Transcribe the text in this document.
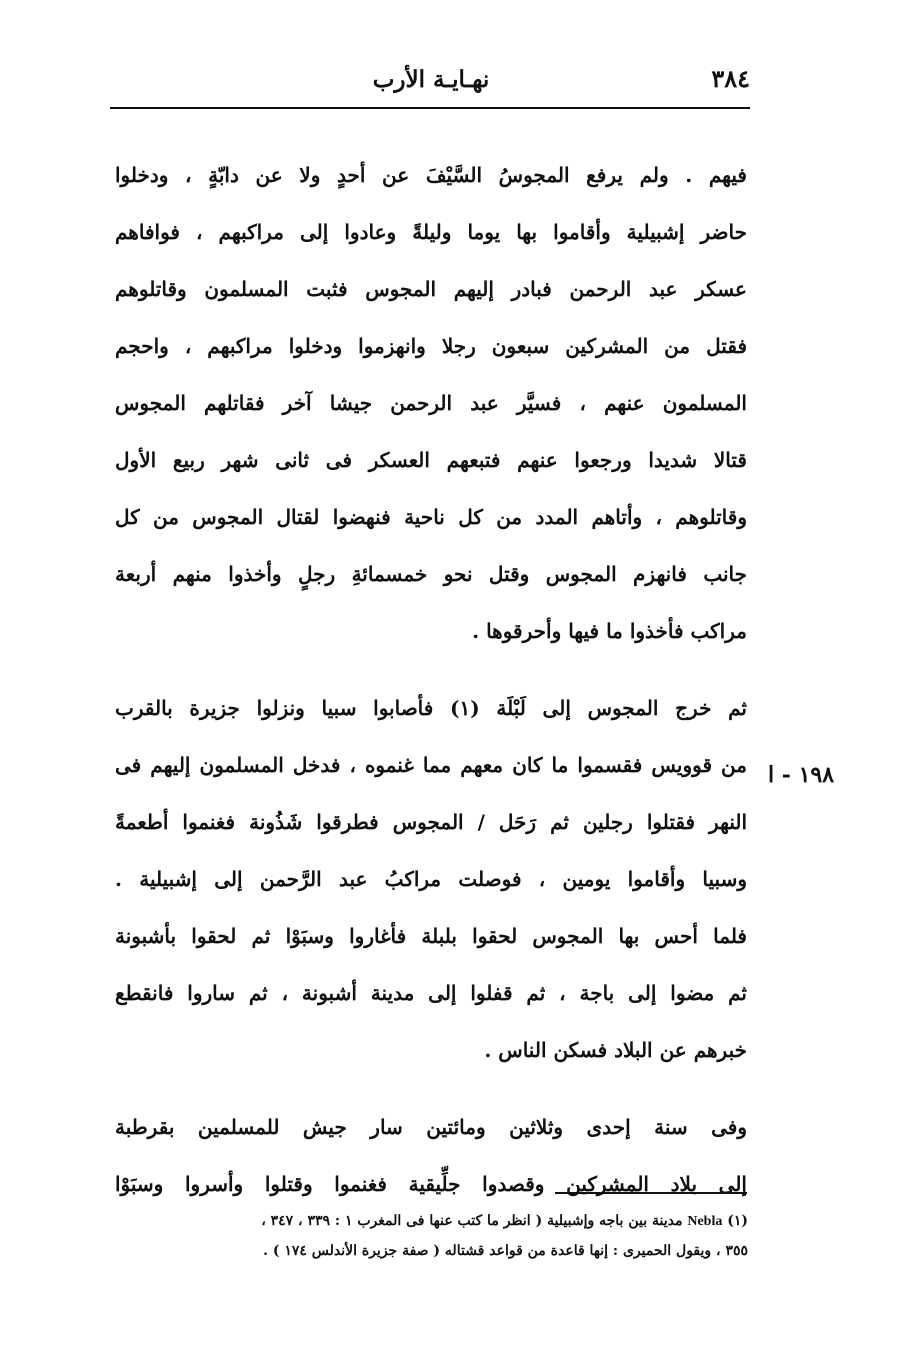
٣٨٤
نهـايـة الأرب
١٩٨ - ا
فيهم . ولم يرفع المجوسُ السَّيْفَ عن أحدٍ ولا عن دابّةٍ ، ودخلوا
حاضر إشبيلية وأقاموا بها يوما وليلةً وعادوا إلى مراكبهم ، فوافاهم
عسكر عبد الرحمن فبادر إليهم المجوس فثبت المسلمون وقاتلوهم
فقتل من المشركين سبعون رجلا وانهزموا ودخلوا مراكبهم ، واحجم
المسلمون عنهم ، فسيَّر عبد الرحمن جيشا آخر فقاتلهم المجوس
قتالا شديدا ورجعوا عنهم فتبعهم العسكر فى ثانى شهر ربيع الأول
وقاتلوهم ، وأتاهم المدد من كل ناحية فنهضوا لقتال المجوس من كل
جانب فانهزم المجوس وقتل نحو خمسمائةِ رجلٍ وأخذوا منهم أربعة
مراكب فأخذوا ما فيها وأحرقوها .
ثم خرج المجوس إلى لَبْلَة (١) فأصابوا سبيا ونزلوا جزيرة بالقرب
من قوويس فقسموا ما كان معهم مما غنموه ، فدخل المسلمون إليهم فى
النهر فقتلوا رجلين ثم رَحَل / المجوس فطرقوا شَذُونة فغنموا أطعمةً
وسبيا وأقاموا يومين ، فوصلت مراكبُ عبد الرَّحمن إلى إشبيلية .
فلما أحس بها المجوس لحقوا بلبلة فأغاروا وسبَوْا ثم لحقوا بأشبونة
ثم مضوا إلى باجة ، ثم قفلوا إلى مدينة أشبونة ، ثم ساروا فانقطع
خبرهم عن البلاد فسكن الناس .
وفى سنة إحدى وثلاثين ومائتين سار جيش للمسلمين بقرطبة
إلى بلاد المشركين وقصدوا جلِّيقية فغنموا وقتلوا وأسروا وسبَوْا
(١) Nebla مدينة بين باجه وإشبيلية ( انظر ما كتب عنها فى المغرب ١ : ٣٣٩ ، ٣٤٧ ،
٣٥٥ ، ويقول الحميرى : إنها قاعدة من قواعد قشتاله ( صفة جزيرة الأندلس ١٧٤ ) .
